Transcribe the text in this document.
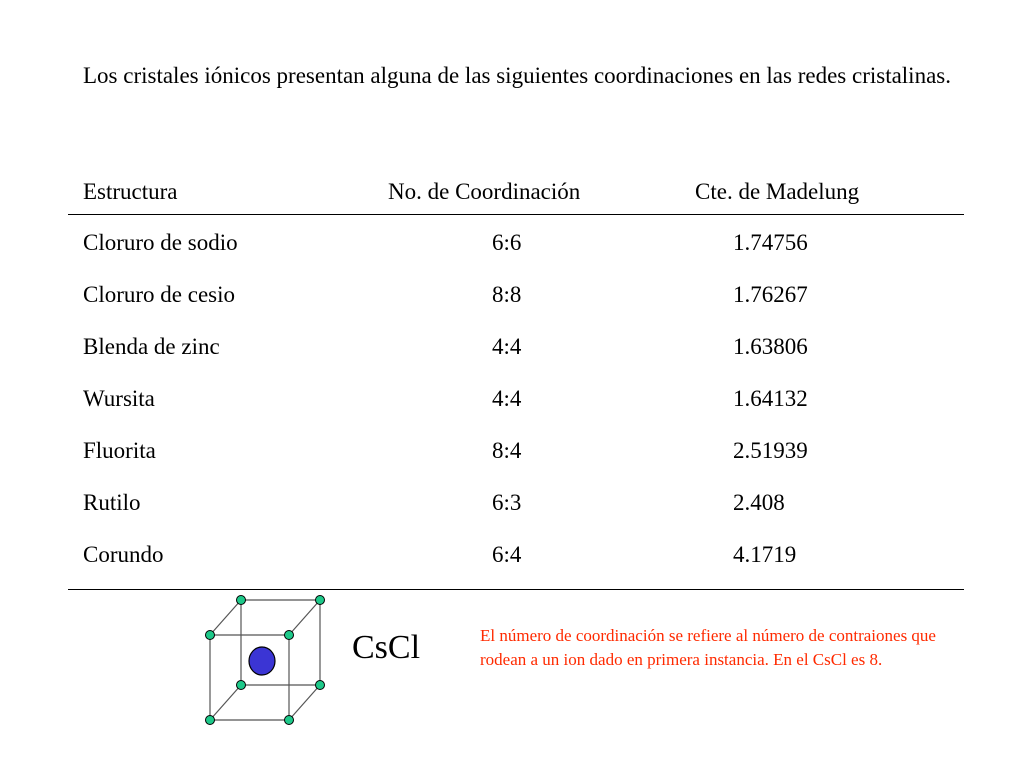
Los cristales iónicos presentan alguna de las siguientes coordinaciones en las redes cristalinas.

Estructura	No. de Coordinación	Cte. de Madelung
Cloruro de sodio	6:6	1.74756
Cloruro de cesio	8:8	1.76267
Blenda de zinc	4:4	1.63806
Wursita	4:4	1.64132
Fluorita	8:4	2.51939
Rutilo	6:3	2.408
Corundo	6:4	4.1719

CsCl	El número de coordinación se refiere al número de contraiones que rodean a un ion dado en primera instancia. En el CsCl es 8.
